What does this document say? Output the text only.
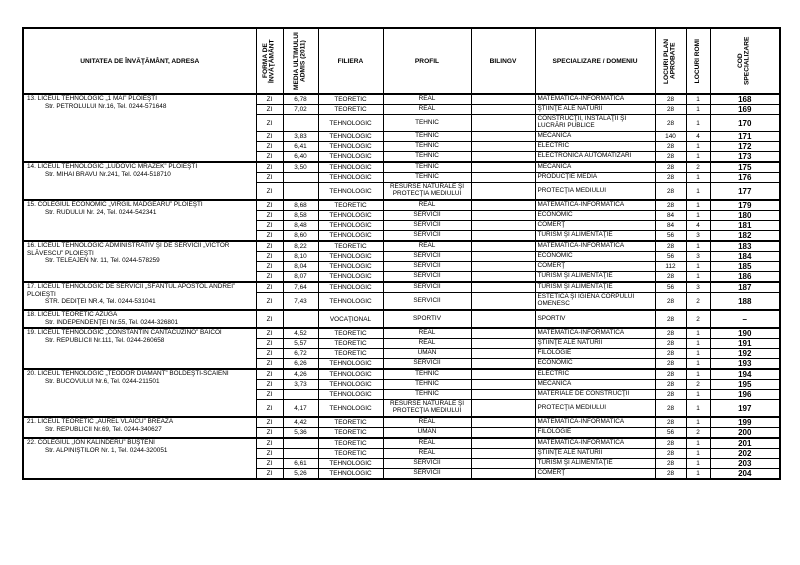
UNITATEA DE ÎNVĂŢĂMÂNT, ADRESA	FORMA DE ÎNVĂŢĂMÂNT	MEDIA ULTIMULUI ADMIS (2011)	FILIERA	PROFIL	BILINGV	SPECIALIZARE / DOMENIU	LOCURI PLAN APROBATE	LOCURI ROMI	COD SPECIALIZARE

13. LICEUL TEHNOLOGIC „1 MAI” PLOIEŞTI
Str. PETROLULUI Nr.16, Tel. 0244-571648	ZI	6,78	TEORETIC	REAL		MATEMATICĂ-INFORMATICĂ	28	1	168
	ZI	7,02	TEORETIC	REAL		ŞTIINŢE ALE NATURII	28	1	169
	ZI		TEHNOLOGIC	TEHNIC		CONSTRUCŢII, INSTALAŢII ŞI LUCRĂRI PUBLICE	28	1	170
	ZI	3,83	TEHNOLOGIC	TEHNIC		MECANICĂ	140	4	171
	ZI	6,41	TEHNOLOGIC	TEHNIC		ELECTRIC	28	1	172
	ZI	6,40	TEHNOLOGIC	TEHNIC		ELECTRONICĂ AUTOMATIZĂRI	28	1	173

14. LICEUL TEHNOLOGIC „LUDOVIC MRAZEK” PLOIEŞTI
Str. MIHAI BRAVU Nr.241, Tel. 0244-518710	ZI	3,50	TEHNOLOGIC	TEHNIC		MECANICĂ	28	2	175
	ZI		TEHNOLOGIC	TEHNIC		PRODUCŢIE MEDIA	28	1	176
	ZI		TEHNOLOGIC	RESURSE NATURALE ŞI PROTECŢIA MEDIULUI		PROTECŢIA MEDIULUI	28	1	177

15. COLEGIUL ECONOMIC „VIRGIL MADGEARU” PLOIEŞTI
Str. RUDULUI Nr. 24, Tel. 0244-542341	ZI	8,68	TEORETIC	REAL		MATEMATICĂ-INFORMATICĂ	28	1	179
	ZI	8,58	TEHNOLOGIC	SERVICII		ECONOMIC	84	1	180
	ZI	8,48	TEHNOLOGIC	SERVICII		COMERŢ	84	4	181
	ZI	8,60	TEHNOLOGIC	SERVICII		TURISM ŞI ALIMENTAŢIE	56	3	182

16. LICEUL TEHNOLOGIC ADMINISTRATIV ŞI DE SERVICII „VICTOR SLĂVESCU” PLOIEŞTI
Str. TELEAJEN Nr. 11, Tel. 0244-578259	ZI	8,22	TEORETIC	REAL		MATEMATICĂ-INFORMATICĂ	28	1	183
	ZI	8,10	TEHNOLOGIC	SERVICII		ECONOMIC	56	3	184
	ZI	8,04	TEHNOLOGIC	SERVICII		COMERŢ	112	1	185
	ZI	8,07	TEHNOLOGIC	SERVICII		TURISM ŞI ALIMENTAŢIE	28	1	186

17. LICEUL TEHNOLOGIC DE SERVICII „SFÂNTUL APOSTOL ANDREI” PLOIEŞTI
STR. DEDIŢEI NR.4, Tel. 0244-531041	ZI	7,64	TEHNOLOGIC	SERVICII		TURISM ŞI ALIMENTAŢIE	56	3	187
	ZI	7,43	TEHNOLOGIC	SERVICII		ESTETICA ŞI IGIENA CORPULUI OMENESC	28	2	188

18. LICEUL TEORETIC AZUGA
Str. INDEPENDENŢEI Nr.55, Tel. 0244-326801	ZI		VOCAŢIONAL	SPORTIV		SPORTIV	28	2	–

19. LICEUL TEHNOLOGIC „CONSTANTIN CANTACUZINO” BĂICOI
Str. REPUBLICII Nr.111, Tel. 0244-260658	ZI	4,52	TEORETIC	REAL		MATEMATICĂ-INFORMATICĂ	28	1	190
	ZI	5,57	TEORETIC	REAL		ŞTIINŢE ALE NATURII	28	1	191
	ZI	6,72	TEORETIC	UMAN		FILOLOGIE	28	1	192
	ZI	6,26	TEHNOLOGIC	SERVICII		ECONOMIC	28	1	193

20. LICEUL TEHNOLOGIC „TEODOR DIAMANT” BOLDEŞTI-SCĂIENI
Str. BUCOVULUI Nr.6, Tel. 0244-211501	ZI	4,26	TEHNOLOGIC	TEHNIC		ELECTRIC	28	1	194
	ZI	3,73	TEHNOLOGIC	TEHNIC		MECANICĂ	28	2	195
	ZI		TEHNOLOGIC	TEHNIC		MATERIALE DE CONSTRUCŢII	28	1	196
	ZI	4,17	TEHNOLOGIC	RESURSE NATURALE ŞI PROTECŢIA MEDIULUI		PROTECŢIA MEDIULUI	28	1	197

21. LICEUL TEORETIC „AUREL VLAICU” BREAZA
Str. REPUBLICII Nr.69, Tel. 0244-340627	ZI	4,42	TEORETIC	REAL		MATEMATICĂ-INFORMATICĂ	28	1	199
	ZI	5,36	TEORETIC	UMAN		FILOLOGIE	56	2	200

22. COLEGIUL „ION KALINDERU” BUŞTENI
Str. ALPINIŞTILOR Nr. 1, Tel. 0244-320051	ZI		TEORETIC	REAL		MATEMATICĂ-INFORMATICĂ	28	1	201
	ZI		TEORETIC	REAL		ŞTIINŢE ALE NATURII	28	1	202
	ZI	6,61	TEHNOLOGIC	SERVICII		TURISM ŞI ALIMENTAŢIE	28	1	203
	ZI	5,26	TEHNOLOGIC	SERVICII		COMERŢ	28	1	204
